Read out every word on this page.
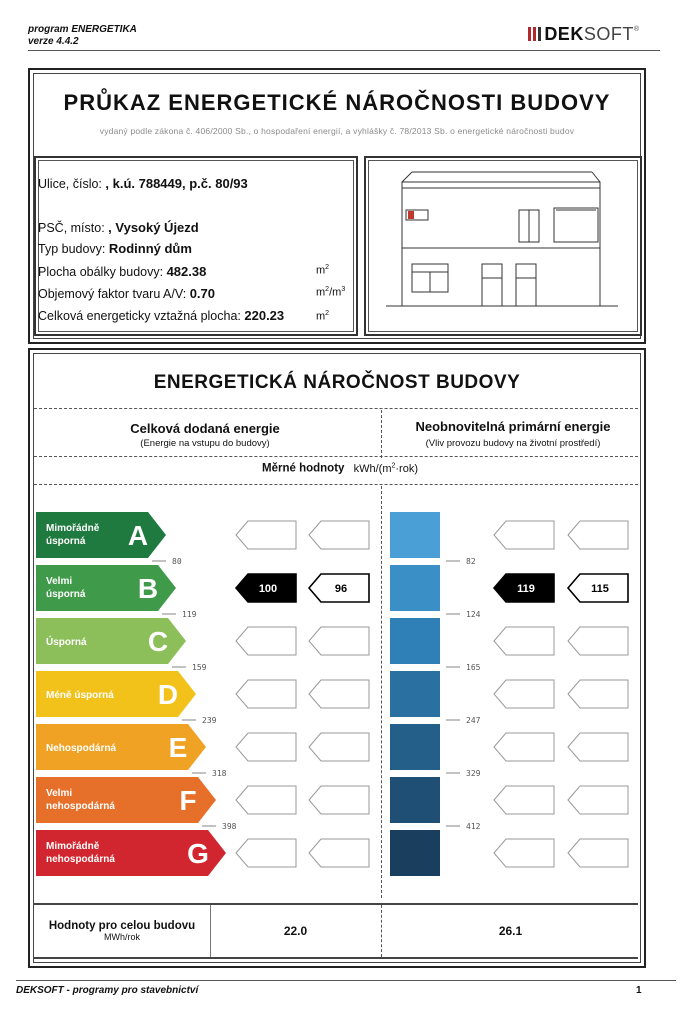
program ENERGETIKA
verze 4.4.2	DEK SOFT ®
PRŮKAZ ENERGETICKÉ NÁROČNOSTI BUDOVY
vydaný podle zákona č. 406/2000 Sb., o hospodaření energií, a vyhlášky č. 78/2013 Sb. o energetické náročnosti budov
Ulice, číslo: , k.ú. 788449, p.č. 80/93
PSČ, místo: , Vysoký Újezd
Typ budovy: Rodinný dům
Plocha obálky budovy: 482.38	$m^2$
Objemový faktor tvaru A/V: 0.70	$m^2/m^3$
Celková energeticky vztažná plocha: 220.23	$m^2$
ENERGETICKÁ NÁROČNOST BUDOVY
Celková dodaná energie
(Energie na vstupu do budovy)
Neobnovitelná primární energie
(Vliv provozu budovy na životní prostředí)
Měrné hodnoty kWh/$(m^2\cdot rok)$
Mimořádně
úsporná A
Velmi
úsporná B	100	96	119	115
Úsporná C
Méně úsporná D
Nehospodárná E
Velmi
nehospodárná F
Mimořádně
nehospodárná	G
80
119
159
239
318
398
82
124
165
247
329
412
Hodnoty pro celou budovu
MWh/rok	22.0	26.1
DEKSOFT - programy pro stavebnictví	1
